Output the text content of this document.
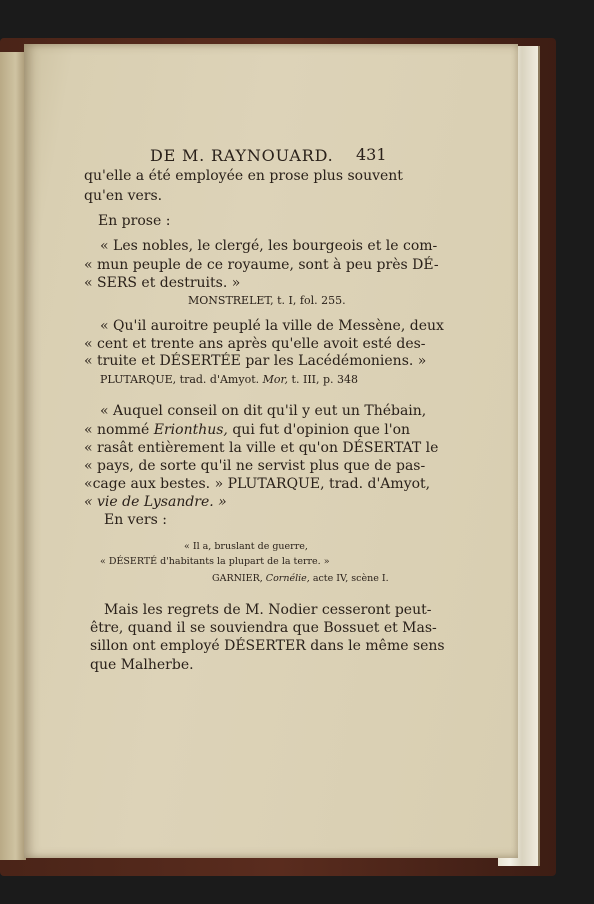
DE M. RAYNOUARD. 431
qu'elle a été employée en prose plus souvent
qu'en vers.
En prose :
« Les nobles, le clergé, les bourgeois et le com-
« mun peuple de ce royaume, sont à peu près DÉ-
« SERS et destruits. »
MONSTRELET, t. I, fol. 255.
« Qu'il auroitre peuplé la ville de Messène, deux
« cent et trente ans après qu'elle avoit esté des-
« truite et DÉSERTÉE par les Lacédémoniens. »
PLUTARQUE, trad. d'Amyot. Mor, t. III, p. 348
« Auquel conseil on dit qu'il y eut un Thébain,
« nommé Erionthus, qui fut d'opinion que l'on
« rasât entièrement la ville et qu'on DÉSERTAT le
« pays, de sorte qu'il ne servist plus que de pas-
«cage aux bestes. » PLUTARQUE, trad. d'Amyot,
« vie de Lysandre. »
En vers :
« Il a, bruslant de guerre,
« DÉSERTÉ d'habitants la plupart de la terre. »
GARNIER, Cornélie, acte IV, scène I.
Mais les regrets de M. Nodier cesseront peut-
être, quand il se souviendra que Bossuet et Mas-
sillon ont employé DÉSERTER dans le même sens
que Malherbe.
